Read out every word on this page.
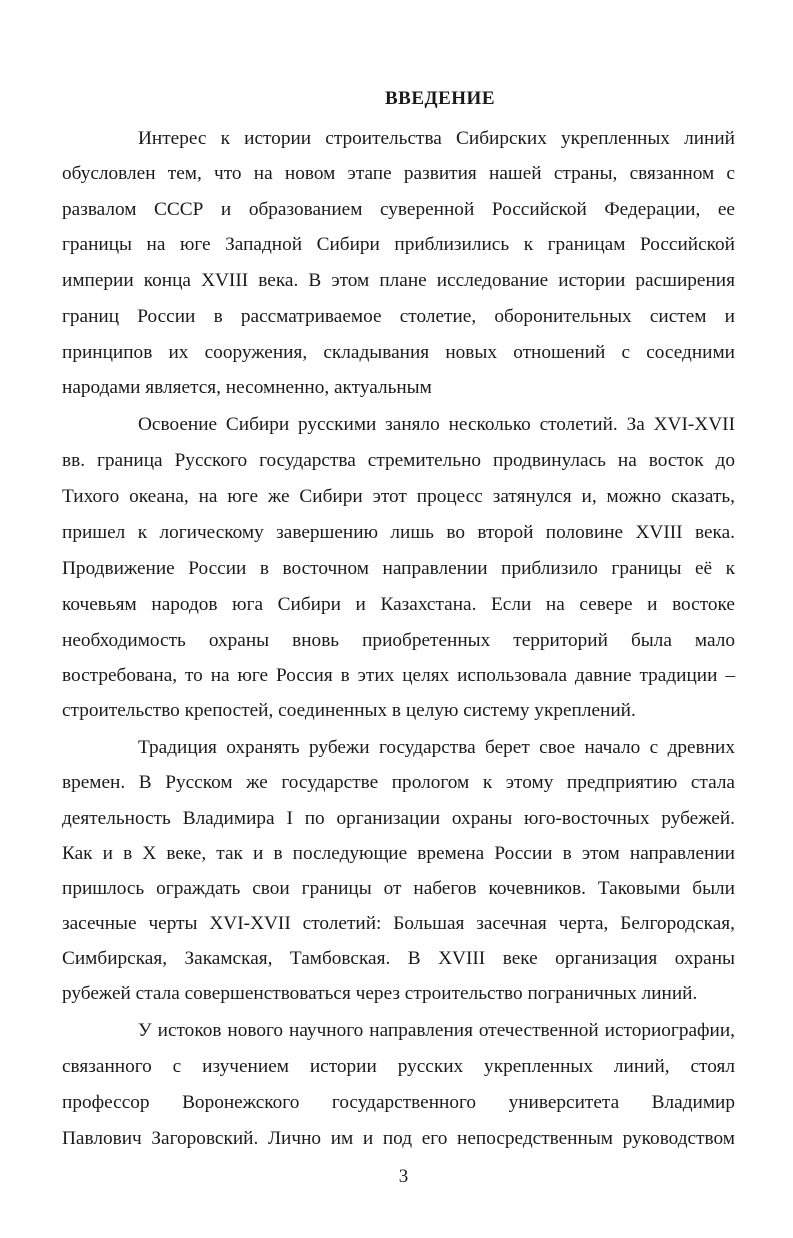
ВВЕДЕНИЕ
Интерес к истории строительства Сибирских укрепленных линий
обусловлен тем, что на новом этапе развития нашей страны, связанном с
развалом СССР и образованием суверенной Российской Федерации, ее
границы на юге Западной Сибири приблизились к границам Российской
империи конца XVIII века. В этом плане исследование истории расширения
границ России в рассматриваемое столетие, оборонительных систем и
принципов их сооружения, складывания новых отношений с соседними
народами является, несомненно, актуальным
Освоение Сибири русскими заняло несколько столетий. За XVI-XVII
вв. граница Русского государства стремительно продвинулась на восток до
Тихого океана, на юге же Сибири этот процесс затянулся и, можно сказать,
пришел к логическому завершению лишь во второй половине XVIII века.
Продвижение России в восточном направлении приблизило границы её к
кочевьям народов юга Сибири и Казахстана. Если на севере и востоке
необходимость охраны вновь приобретенных территорий была мало
востребована, то на юге Россия в этих целях использовала давние традиции –
строительство крепостей, соединенных в целую систему укреплений.
Традиция охранять рубежи государства берет свое начало с древних
времен. В Русском же государстве прологом к этому предприятию стала
деятельность Владимира I по организации охраны юго-восточных рубежей.
Как и в X веке, так и в последующие времена России в этом направлении
пришлось ограждать свои границы от набегов кочевников. Таковыми были
засечные черты XVI-XVII столетий: Большая засечная черта, Белгородская,
Симбирская, Закамская, Тамбовская. В XVIII веке организация охраны
рубежей стала совершенствоваться через строительство пограничных линий.
У истоков нового научного направления отечественной историографии,
связанного с изучением истории русских укрепленных линий, стоял
профессор Воронежского государственного университета Владимир
Павлович Загоровский. Лично им и под его непосредственным руководством
3
